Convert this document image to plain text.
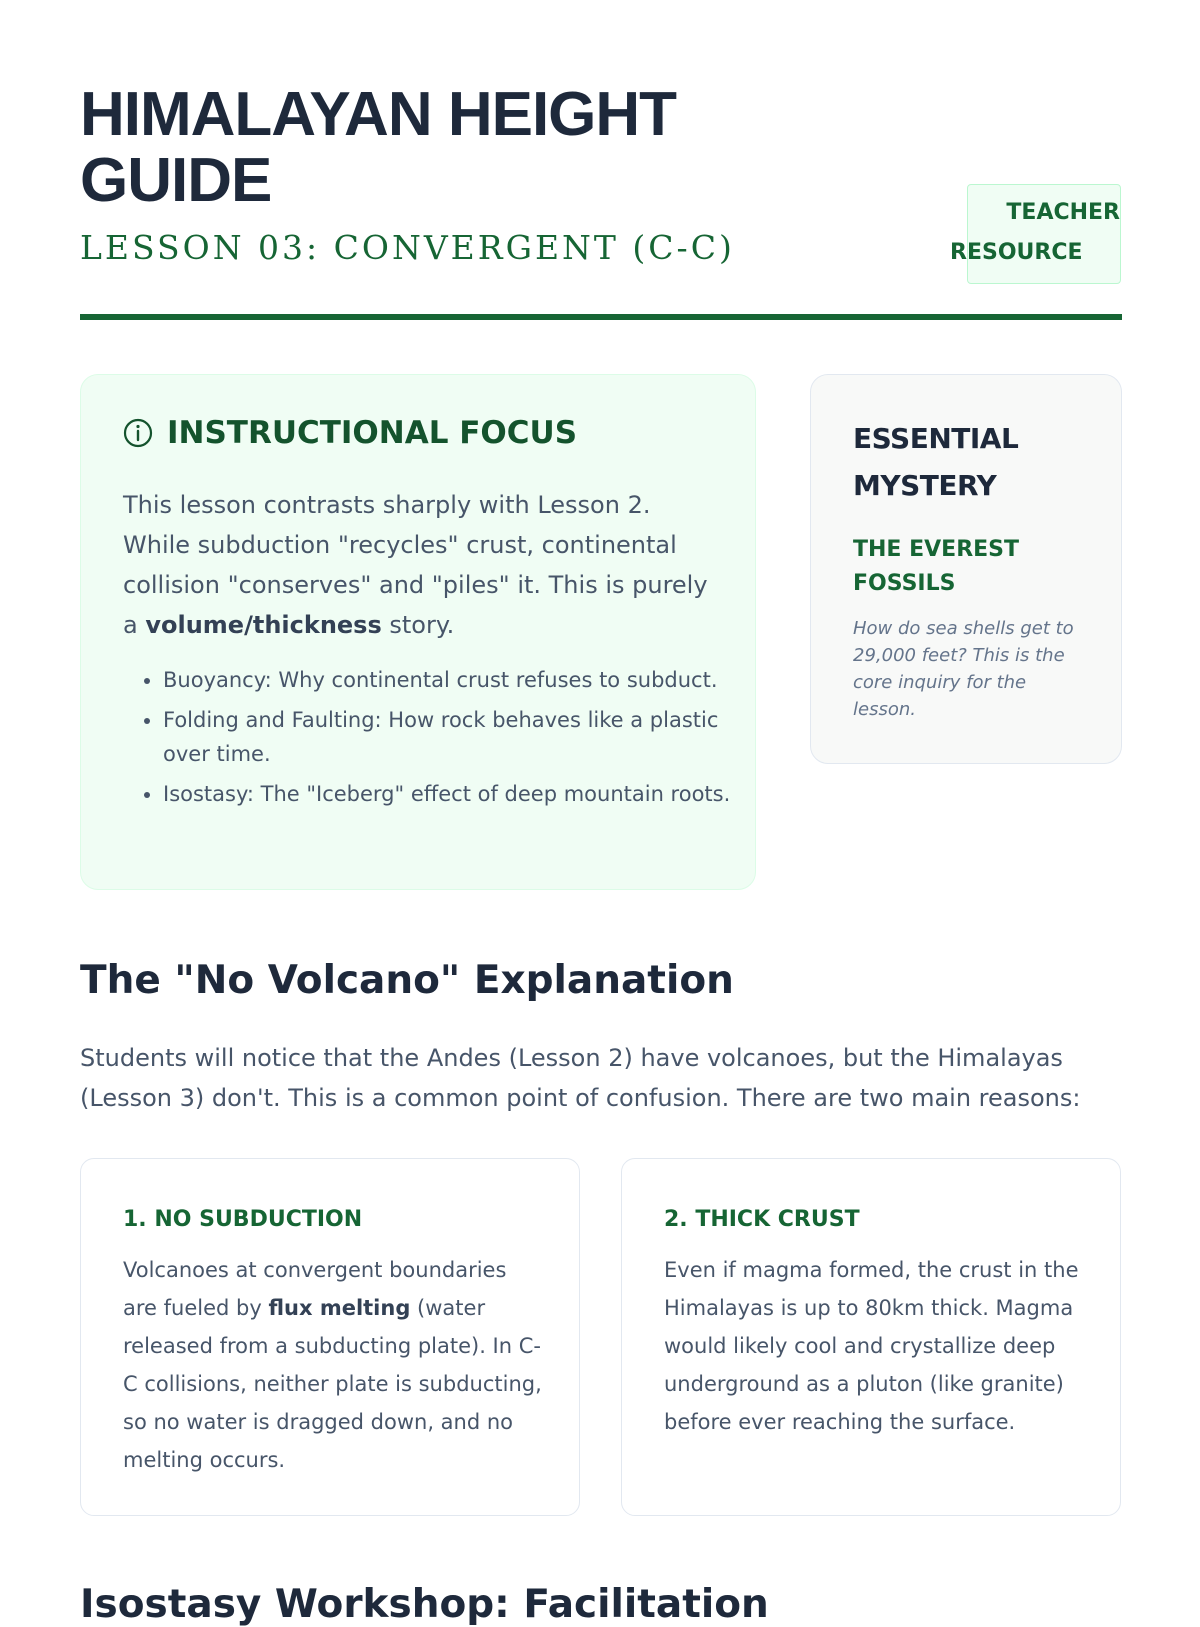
HIMALAYAN HEIGHT GUIDE
LESSON 03: CONVERGENT (C-C)
TEACHER
RESOURCE
INSTRUCTIONAL FOCUS

This lesson contrasts sharply with Lesson 2. While subduction "recycles" crust, continental collision "conserves" and "piles" it. This is purely a volume/thickness story.

• Buoyancy: Why continental crust refuses to subduct.
• Folding and Faulting: How rock behaves like a plastic over time.
• Isostasy: The "Iceberg" effect of deep mountain roots.
ESSENTIAL MYSTERY
THE EVEREST FOSSILS

How do sea shells get to 29,000 feet? This is the core inquiry for the lesson.

The "No Volcano" Explanation

Students will notice that the Andes (Lesson 2) have volcanoes, but the Himalayas (Lesson 3) don't. This is a common point of confusion. There are two main reasons:

1. NO SUBDUCTION

Volcanoes at convergent boundaries are fueled by flux melting (water released from a subducting plate). In C-C collisions, neither plate is subducting, so no water is dragged down, and no melting occurs.

2. THICK CRUST

Even if magma formed, the crust in the Himalayas is up to 80km thick. Magma would likely cool and crystallize deep underground as a pluton (like granite) before ever reaching the surface.

Isostasy Workshop: Facilitation
